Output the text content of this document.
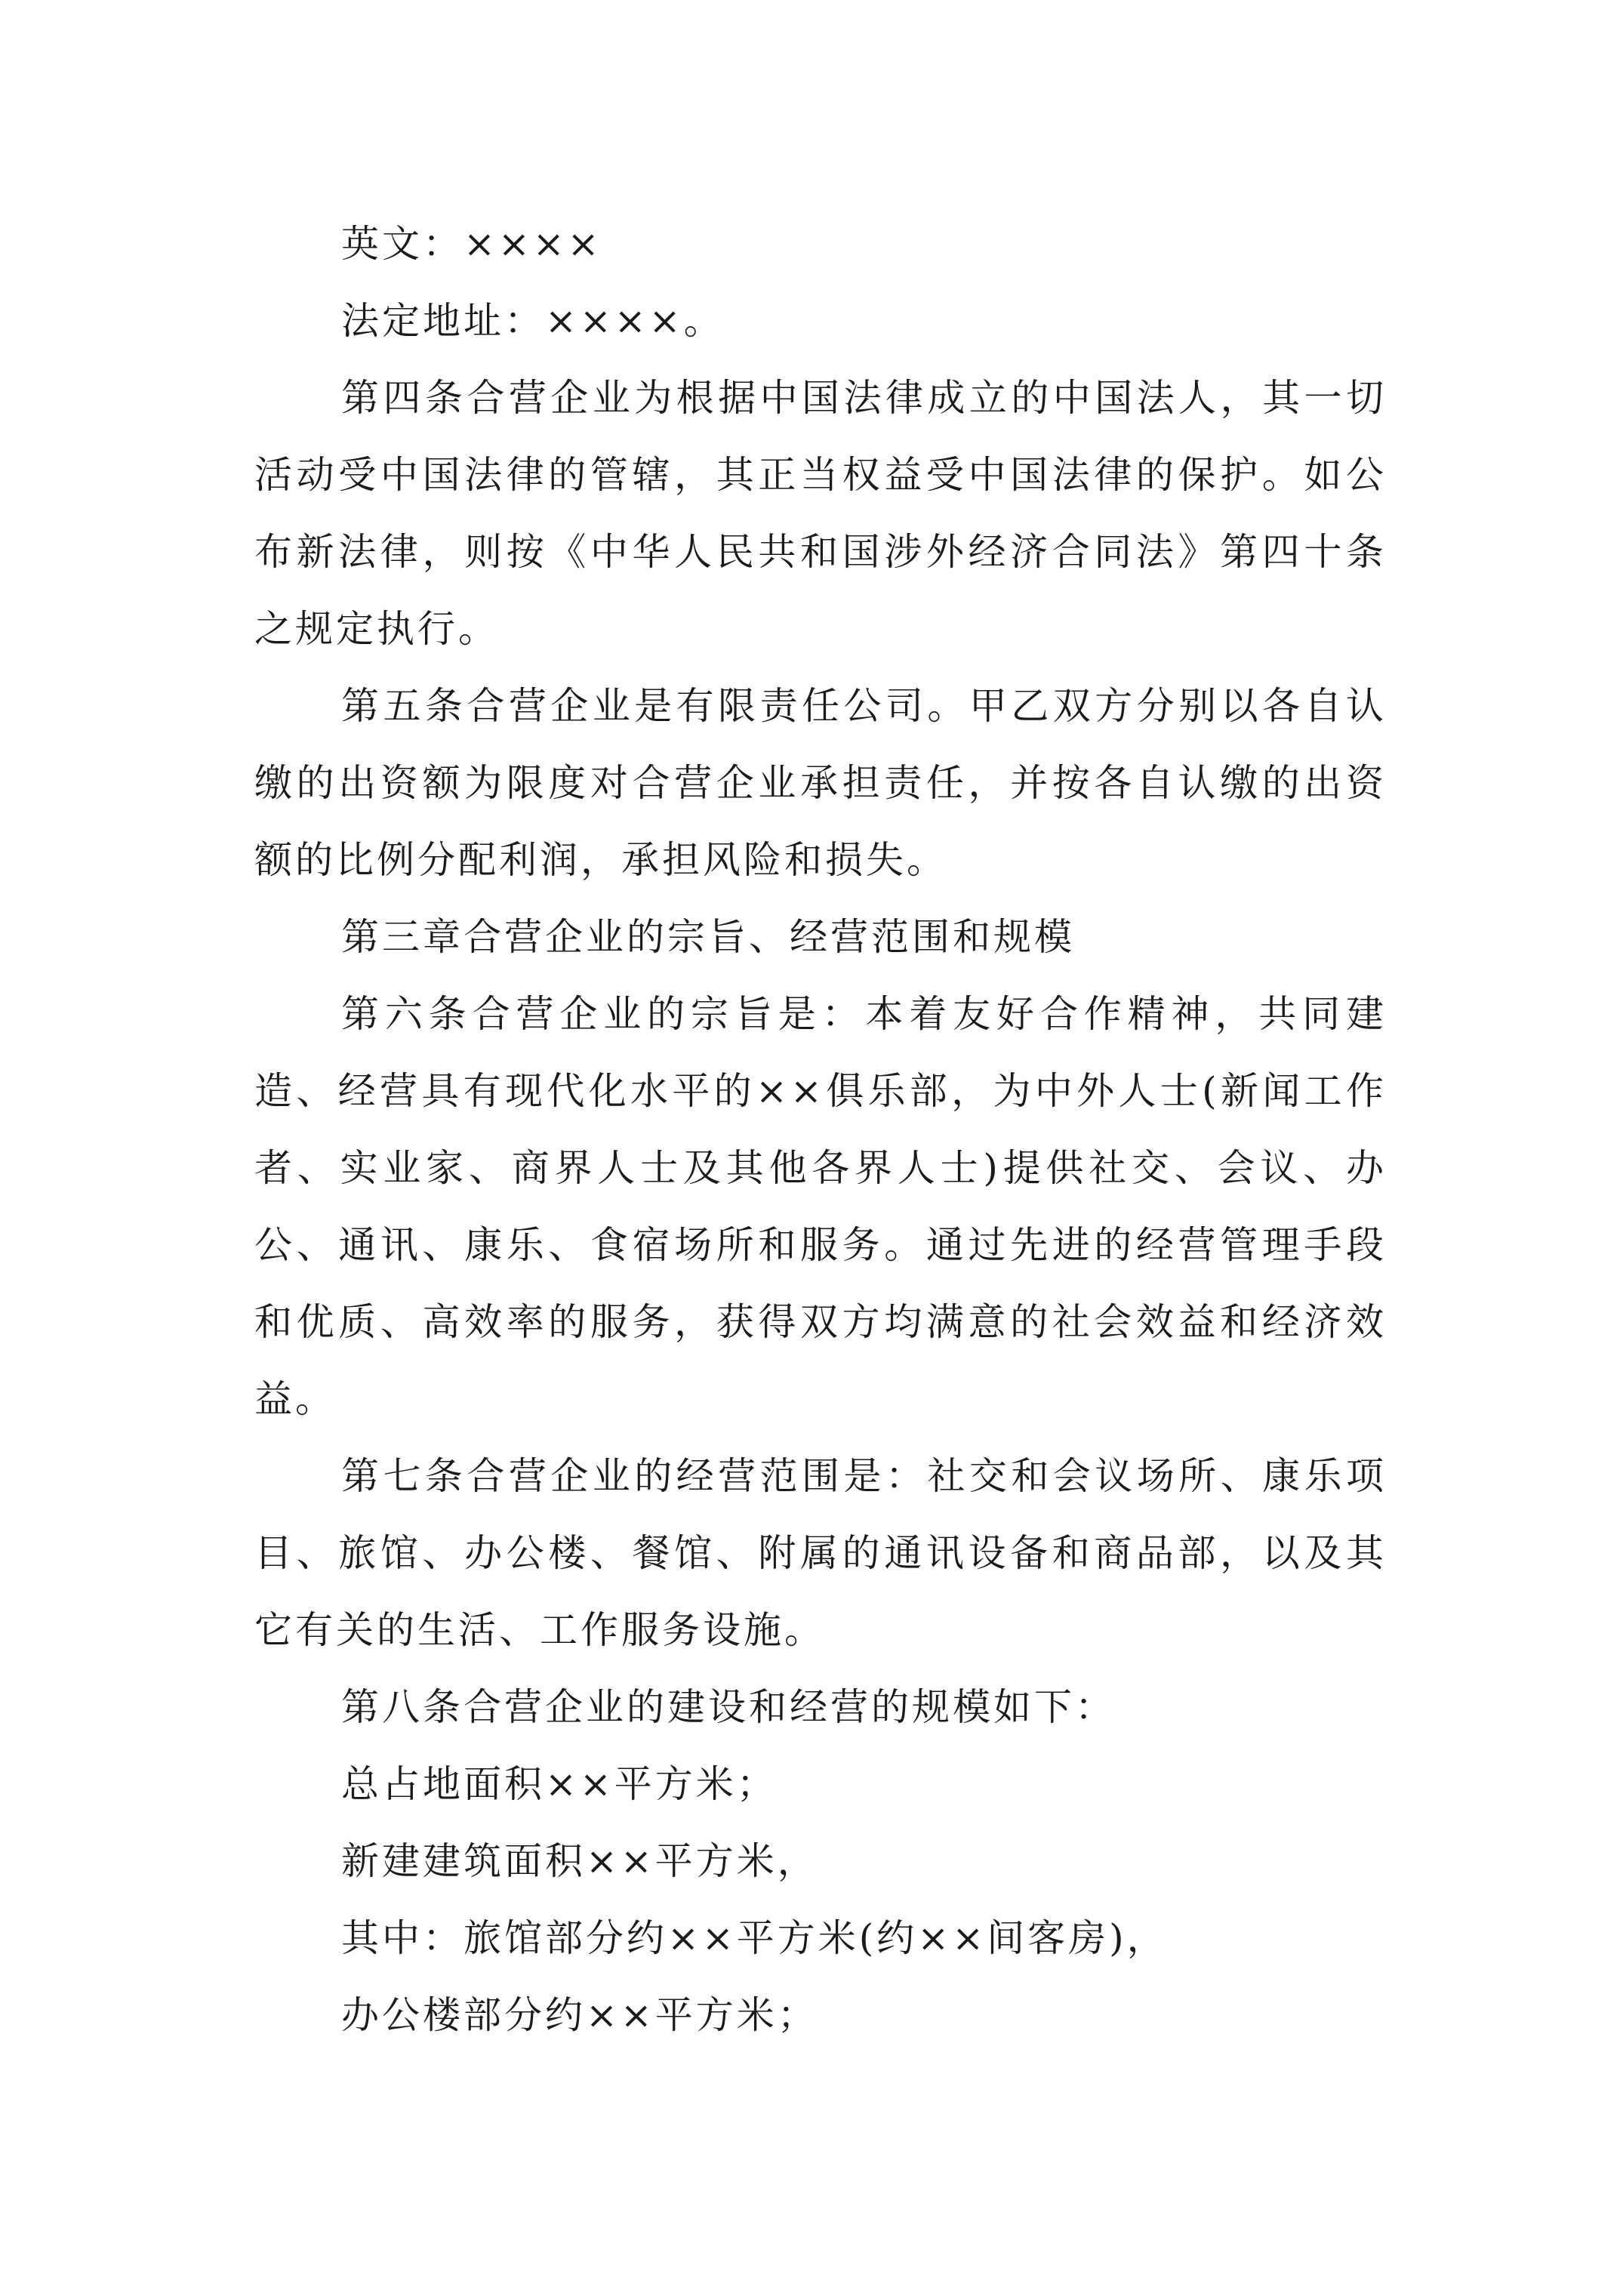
英文：××××

法定地址：××××。

第四条合营企业为根据中国法律成立的中国法人，其一切活动受中国法律的管辖，其正当权益受中国法律的保护。如公布新法律，则按《中华人民共和国涉外经济合同法》第四十条之规定执行。

第五条合营企业是有限责任公司。甲乙双方分别以各自认缴的出资额为限度对合营企业承担责任，并按各自认缴的出资额的比例分配利润，承担风险和损失。

第三章合营企业的宗旨、经营范围和规模

第六条合营企业的宗旨是：本着友好合作精神，共同建造、经营具有现代化水平的××俱乐部，为中外人士(新闻工作者、实业家、商界人士及其他各界人士)提供社交、会议、办公、通讯、康乐、食宿场所和服务。通过先进的经营管理手段和优质、高效率的服务，获得双方均满意的社会效益和经济效益。

第七条合营企业的经营范围是：社交和会议场所、康乐项目、旅馆、办公楼、餐馆、附属的通讯设备和商品部，以及其它有关的生活、工作服务设施。

第八条合营企业的建设和经营的规模如下：

总占地面积××平方米；

新建建筑面积××平方米，

其中：旅馆部分约××平方米(约××间客房)，

办公楼部分约××平方米；
